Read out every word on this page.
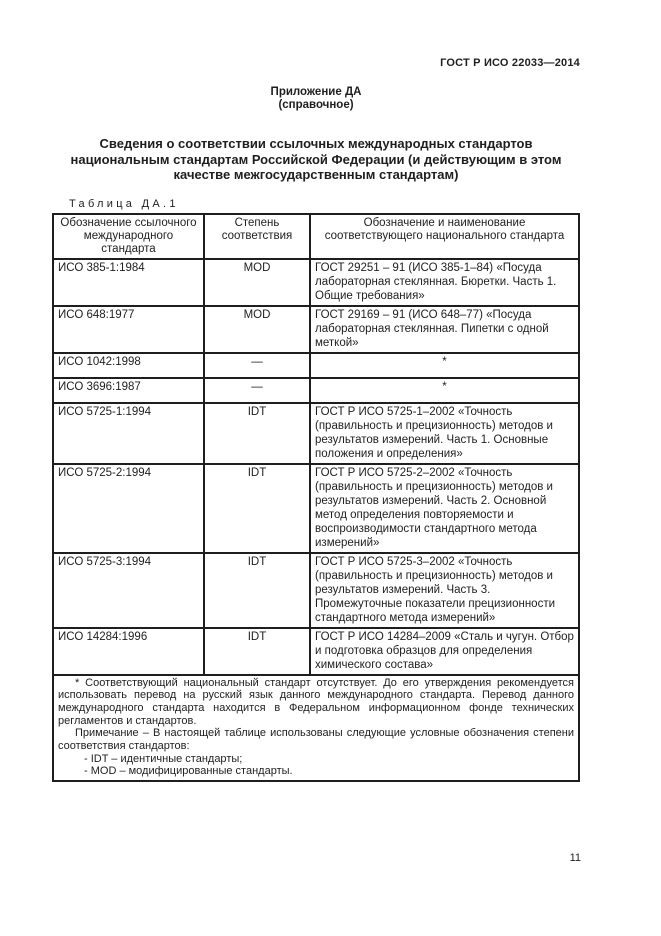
ГОСТ Р ИСО 22033—2014
Приложение ДА
(справочное)
Сведения о соответствии ссылочных международных стандартов
национальным стандартам Российской Федерации (и действующим в этом
качестве межгосударственным стандартам)
Таблица ДА.1
Обозначение ссылочного международного стандарта	Степень соответствия	Обозначение и наименование соответствующего национального стандарта
ИСО 385-1:1984	MOD	ГОСТ 29251 – 91 (ИСО 385-1–84) «Посуда лабораторная стеклянная. Бюретки. Часть 1. Общие требования»
ИСО 648:1977	MOD	ГОСТ 29169 – 91 (ИСО 648–77) «Посуда лабораторная стеклянная. Пипетки с одной меткой»
ИСО 1042:1998	—	*
ИСО 3696:1987	—	*
ИСО 5725-1:1994	IDT	ГОСТ Р ИСО 5725-1–2002 «Точность (правильность и прецизионность) методов и результатов измерений. Часть 1. Основные положения и определения»
ИСО 5725-2:1994	IDT	ГОСТ Р ИСО 5725-2–2002 «Точность (правильность и прецизионность) методов и результатов измерений. Часть 2. Основной метод определения повторяемости и воспроизводимости стандартного метода измерений»
ИСО 5725-3:1994	IDT	ГОСТ Р ИСО 5725-3–2002 «Точность (правильность и прецизионность) методов и результатов измерений. Часть 3. Промежуточные показатели прецизионности стандартного метода измерений»
ИСО 14284:1996	IDT	ГОСТ Р ИСО 14284–2009 «Сталь и чугун. Отбор и подготовка образцов для определения химического состава»

* Соответствующий национальный стандарт отсутствует. До его утверждения рекомендуется использовать перевод на русский язык данного международного стандарта. Перевод данного международного стандарта находится в Федеральном информационном фонде технических регламентов и стандартов.

Примечание – В настоящей таблице использованы следующие условные обозначения степени соответствия стандартов:

- IDT – идентичные стандарты;

- MOD – модифицированные стандарты.		

11
